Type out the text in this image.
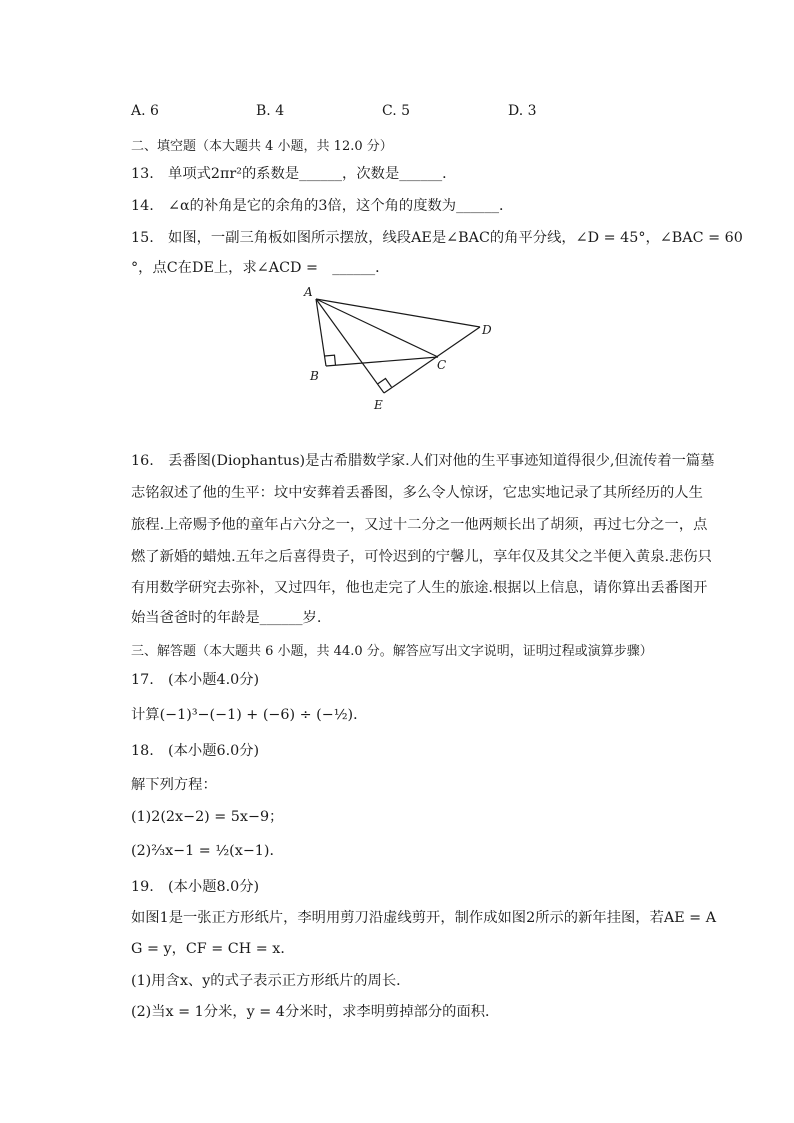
A. 6	B. 4	C. 5	D. 3
二、填空题（本大题共 4 小题，共 12.0 分）
13.　单项式2πr²的系数是______，次数是______．
14.　∠α的补角是它的余角的3倍，这个角的度数为______．
15.　如图，一副三角板如图所示摆放，线段AE是∠BAC的角平分线，∠D = 45°，∠BAC = 60
°，点C在DE上，求∠ACD =　______．
A
B
C
D
E
16.　丢番图(Diophantus)是古希腊数学家.人们对他的生平事迹知道得很少,但流传着一篇墓
志铭叙述了他的生平：坟中安葬着丢番图，多么令人惊讶，它忠实地记录了其所经历的人生
旅程.上帝赐予他的童年占六分之一，又过十二分之一他两颊长出了胡须，再过七分之一，点
燃了新婚的蜡烛.五年之后喜得贵子，可怜迟到的宁馨儿，享年仅及其父之半便入黄泉.悲伤只
有用数学研究去弥补，又过四年，他也走完了人生的旅途.根据以上信息，请你算出丢番图开
始当爸爸时的年龄是______岁.
三、解答题（本大题共 6 小题，共 44.0 分。解答应写出文字说明，证明过程或演算步骤）
17.　(本小题4.0分)
计算(−1)³−(−1) + (−6) ÷ (−½)．
18.　(本小题6.0分)
解下列方程：
(1)2(2x−2) = 5x−9；
(2)⅔x−1 = ½(x−1)．
19.　(本小题8.0分)
如图1是一张正方形纸片，李明用剪刀沿虚线剪开，制作成如图2所示的新年挂图，若AE = A
G = y，CF = CH = x．
(1)用含x、y的式子表示正方形纸片的周长．
(2)当x = 1分米，y = 4分米时，求李明剪掉部分的面积．
